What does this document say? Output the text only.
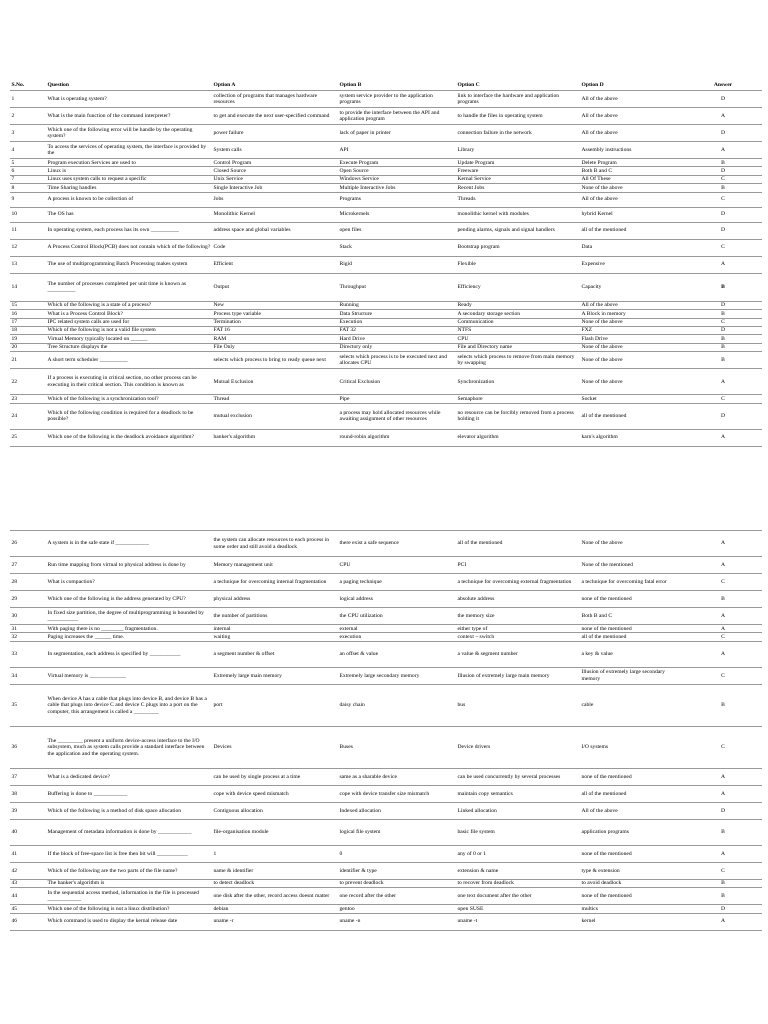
S.No.	Question	Option A	Option B	Option C	Option D	Answer
1	What is operating system?	collection of programs that manages hardware resources	system service provider to the application programs	link to interface the hardware and application programs	All of the above	D
2	What is the main function of the command interpreter?	to get and execute the next user-specified command	to provide the interface between the API and application program	to handle the files in operating system	All of the above	A
3	Which one of the following error will be handle by the operating system?	power failure	lack of paper in printer	connection failure in the network	All of the above	D
4	To access the services of operating system, the interface is provided by the	System calls	API	Library	Assembly instructions	A
5	Program execution Services are used to	Control Program	Execute Program	Update Program	Delete Program	B
6	Linux is	Closed Source	Open Source	Freeware	Both B and C	D
7	Linux uses system calls to request a specific	Unix Service	Windows Service	Kernal Service	All Of These	C
8	Time Sharing handles	Single Interactive Job	Multiple Interactive Jobs	Recent Jobs	None of the above	B
9	A process is known to be collection of	Jobs	Programs	Threads	All of the above	C
10	The OS has	Monolithic Kernel	Microkernels	monolithic kernel with modules	hybrid Kernel	D
11	In operating system, each process has its own __________	address space and global variables	open files	pending alarms, signals and signal handlers	all of the mentioned	D
12	A Process Control Block(PCB) does not contain which of the following?	Code	Stack	Bootstrap program	Data	C
13	The use of multiprogramming Batch Processing makes system	Efficient	Rigid	Flexible	Expensive	A
14	The number of processes completed per unit time is known as __________	Output	Throughput	Efficiency	Capacity	B
15	Which of the following is a state of a process?	New	Running	Ready	All of the above	D
16	What is a Process Control Block?	Process type variable	Data Structure	A secondary storage section	A Block in memory	B
17	IPC related system calls are used for	Termination	Execution	Communication	None of the above	C
18	Which of the following is not a valid file system	FAT 16	FAT 32	NTFS	FXZ	D
19	Virtual Memory typically located on ______	RAM	Hard Drive	CPU	Flash Drive	B
20	Tree Structure displays the	File Only	Directory only	File and Directory name	None of the above	B
21	A short term scheduler __________	selects which process to bring to ready queue next	selects which process is to be executed next and allocates CPU	selects which process to remove from main memory by swapping	None of the above	B
22	If a process is executing in critical section, no other process can be executing in their critical section. This condition is known as	Mutual Exclusion	Critical Exclusion	Synchronization	None of the above	A
23	Which of the following is a synchronization tool?	Thread	Pipe	Semaphore	Socket	C
24	Which of the following condition is required for a deadlock to be possible?	mutual exclusion	a process may hold allocated resources while awaiting assignment of other resources	no resource can be forcibly removed from a process holding it	all of the mentioned	D
25	Which one of the following is the deadlock avoidance algorithm?	banker's algorithm	round-robin algorithm	elevator algorithm	karn's algorithm	A
26	A system is in the safe state if ____________	the system can allocate resources to each process in some order and still avoid a deadlock	there exist a safe sequence	all of the mentioned	None of the above	A
27	Run time mapping from virtual to physical address is done by	Memory management unit	CPU	PCI	None of the mentioned	A
28	What is compaction?	a technique for overcoming internal fragmentation	a paging technique	a technique for overcoming external fragmentation	a technique for overcoming fatal error	C
29	Which one of the following is the address generated by CPU?	physical address	logical address	absolute address	none of the mentioned	B
30	In fixed size partition, the degree of multiprogramming is bounded by ___________	the number of partitions	the CPU utilization	the memory size	Both B and C	A
31	With paging there is no ________ fragmentation.	internal	external	either type of	none of the mentioned	A
32	Paging increases the ______ time.	waiting	execution	context – switch	all of the mentioned	C
33	In segmentation, each address is specified by ___________	a segment number & offset	an offset & value	a value & segment number	a key & value	A
34	Virtual memory is _____________	Extremely large main memory	Extremely large secondary memory	Illusion of extremely large main memory	Illusion of extremely large secondary memory	C
35	When device A has a cable that plugs into device B, and device B has a cable that plugs into device C and device C plugs into a port on the computer, this arrangement is called a _________	port	daisy chain	bus	cable	B
36	The _________ present a uniform device-access interface to the I/O subsystem, much as system calls provide a standard interface between the application and the operating system.	Devices	Buses	Device drivers	I/O systems	C
37	What is a dedicated device?	can be used by single process at a time	same as a sharable device	can be used concurrently by several processes	none of the mentioned	A
38	Buffering is done to ____________	cope with device speed mismatch	cope with device transfer size mismatch	maintain copy semantics	all of the mentioned	A
39	Which of the following is a method of disk space allocation	Contiguous allocation	Indexed allocation	Linked allocation	All of the above	D
40	Management of metadata information is done by ____________	file-organisation module	logical file system	basic file system	application programs	B
41	If the block of free-space list is free then bit will ___________	1	0	any of 0 or 1	none of the mentioned	A
42	Which of the following are the two parts of the file name?	name & identifier	identifier & type	extension & name	type & extension	C
43	The banker's algorithm is	to detect deadlock	to prevent deadlock	to recover from deadlock	to avoid deadlock	B
44	In the sequential access method, information in the file is processed ____________	one disk after the other, record access doesnt matter	one record after the other	one text document after the other	none of the mentioned	B
45	Which one of the following is not a linux distribution?	debian	gentoo	open SUSE	multics	D
46	Which command is used to display the kernal release date	uname -r	uname -n	uname -t	kernel	A
